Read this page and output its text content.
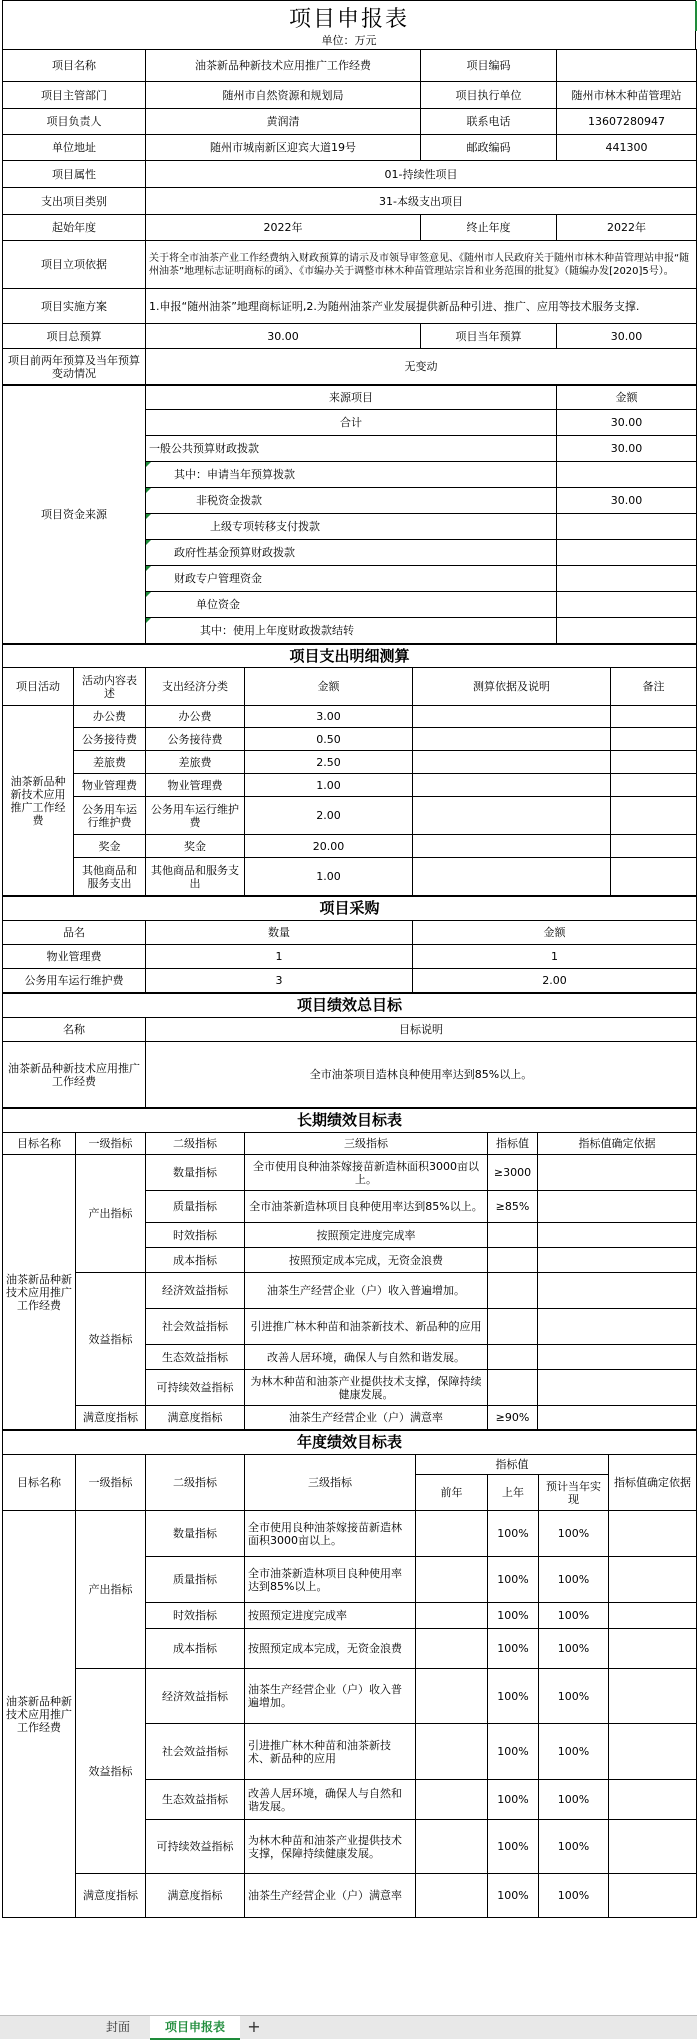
项目申报表
单位：万元
项目名称	油茶新品种新技术应用推广工作经费	项目编码	
项目主管部门	随州市自然资源和规划局	项目执行单位	随州市林木种苗管理站
项目负责人	黄润清	联系电话	13607280947
单位地址	随州市城南新区迎宾大道19号	邮政编码	441300
项目属性	01-持续性项目		
支出项目类别	31-本级支出项目		
起始年度	2022年	终止年度	2022年
项目立项依据	关于将全市油茶产业工作经费纳入财政预算的请示及市领导审签意见、《随州市人民政府关于随州市林木种苗管理站申报“随州油茶”地理标志证明商标的函》、《市编办关于调整市林木种苗管理站宗旨和业务范围的批复》（随编办发[2020]5号）。		
项目实施方案	1.申报“随州油茶”地理商标证明,2.为随州油茶产业发展提供新品种引进、推广、应用等技术服务支撑.		
项目总预算	30.00	项目当年预算	30.00
项目前两年预算及当年预算变动情况	无变动		
项目资金来源	来源项目	金额
	合计	30.00
	一般公共预算财政拨款	30.00
	其中：申请当年预算拨款	
	非税资金拨款	30.00
	上级专项转移支付拨款	
	政府性基金预算财政拨款	
	财政专户管理资金	
	单位资金	
	其中：使用上年度财政拨款结转	
项目支出明细测算					
项目活动	活动内容表述	支出经济分类	金额	测算依据及说明	备注
油茶新品种新技术应用推广工作经费	办公费	办公费	3.00		
	公务接待费	公务接待费	0.50		
	差旅费	差旅费	2.50		
	物业管理费	物业管理费	1.00		
	公务用车运行维护费	公务用车运行维护费	2.00		
	奖金	奖金	20.00		
	其他商品和服务支出	其他商品和服务支出	1.00		
项目采购		
品名	数量	金额
物业管理费	1	1
公务用车运行维护费	3	2.00
项目绩效总目标	
名称	目标说明
油茶新品种新技术应用推广工作经费	全市油茶项目造林良种使用率达到85%以上。
长期绩效目标表					
目标名称	一级指标	二级指标	三级指标	指标值	指标值确定依据
油茶新品种新技术应用推广工作经费	产出指标	数量指标	全市使用良种油茶嫁接苗新造林面积3000亩以上。	≥3000	
		质量指标	全市油茶新造林项目良种使用率达到85%以上。	≥85%	
		时效指标	按照预定进度完成率		
		成本指标	按照预定成本完成，无资金浪费		
	效益指标	经济效益指标	油茶生产经营企业（户）收入普遍增加。		
		社会效益指标	引进推广林木种苗和油茶新技术、新品种的应用		
		生态效益指标	改善人居环境，确保人与自然和谐发展。		
		可持续效益指标	为林木种苗和油茶产业提供技术支撑，保障持续健康发展。		
	满意度指标	满意度指标	油茶生产经营企业（户）满意率	≥90%	
年度绩效目标表							
目标名称	一级指标	二级指标	三级指标	指标值			指标值确定依据
				前年	上年	预计当年实现	
油茶新品种新技术应用推广工作经费	产出指标	数量指标	全市使用良种油茶嫁接苗新造林面积3000亩以上。		100%	100%	
		质量指标	全市油茶新造林项目良种使用率达到85%以上。		100%	100%	
		时效指标	按照预定进度完成率		100%	100%	
		成本指标	按照预定成本完成，无资金浪费		100%	100%	
	效益指标	经济效益指标	油茶生产经营企业（户）收入普遍增加。		100%	100%	
		社会效益指标	引进推广林木种苗和油茶新技术、新品种的应用		100%	100%	
		生态效益指标	改善人居环境，确保人与自然和谐发展。		100%	100%	
		可持续效益指标	为林木种苗和油茶产业提供技术支撑，保障持续健康发展。		100%	100%	
	满意度指标	满意度指标	油茶生产经营企业（户）满意率		100%	100%	
封面	项目申报表	+
